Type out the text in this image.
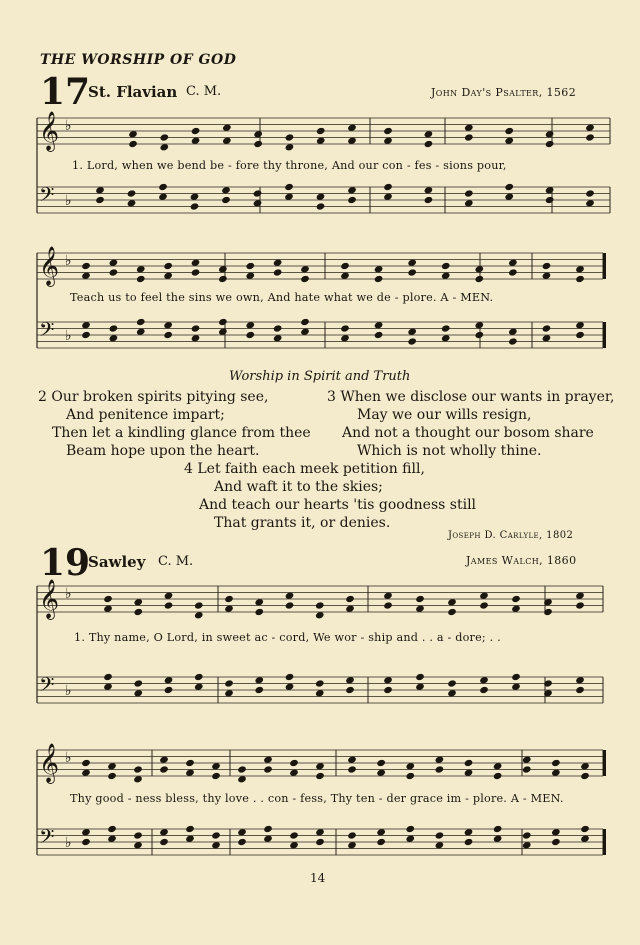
THE WORSHIP OF GOD
17
St. Flavian C. M.	John Day's Psalter, 1562
𝄞 ♭
𝄢 ♭
𝄞 ♭
𝄢 ♭
𝄞 ♭
𝄢 ♭
𝄞 ♭
𝄢 ♭
1. Lord, when we bend be - fore thy throne, And our con - fes - sions pour,
Teach us to feel the sins we own, And hate what we de - plore. A - MEN.
Worship in Spirit and Truth
2 Our broken spirits pitying see,
And penitence impart;
Then let a kindling glance from thee
Beam hope upon the heart.
3 When we disclose our wants in prayer,
May we our wills resign,
And not a thought our bosom share
Which is not wholly thine.
4 Let faith each meek petition fill,
And waft it to the skies;
And teach our hearts 'tis goodness still
That grants it, or denies.
Joseph D. Carlyle, 1802
19
Sawley C. M.	James Walch, 1860
1. Thy name, O Lord, in sweet ac - cord, We wor - ship and . . a - dore; . .
Thy good - ness bless, thy love . . con - fess, Thy ten - der grace im - plore. A - MEN.
14
